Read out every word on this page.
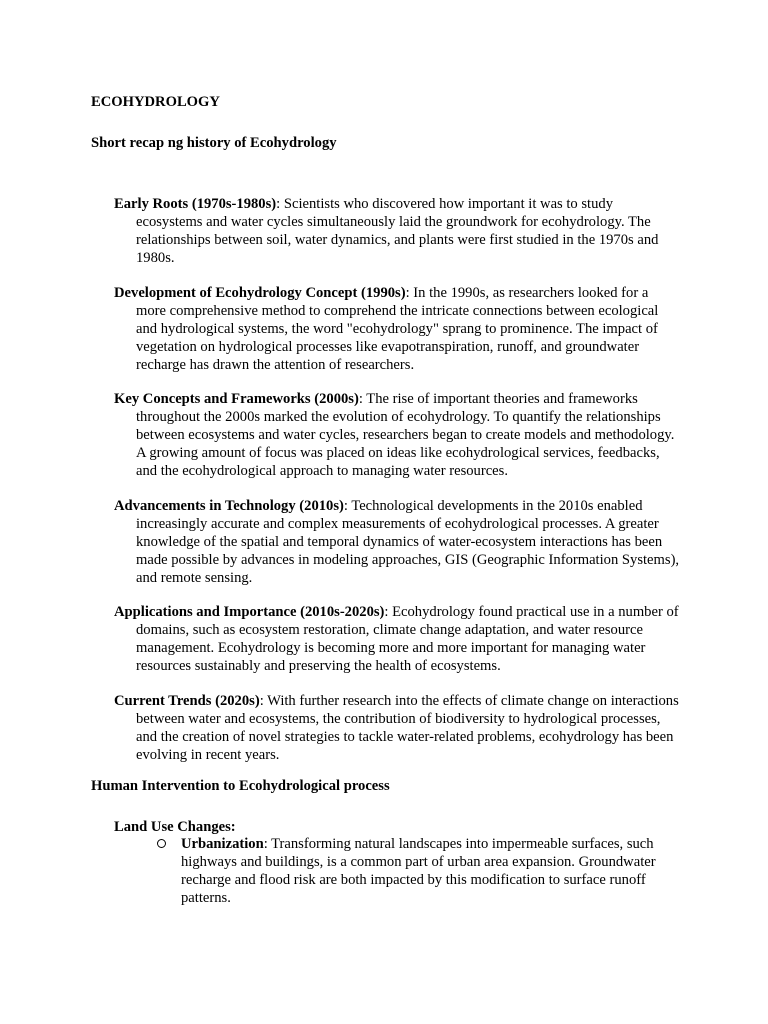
ECOHYDROLOGY

Short recap ng history of Ecohydrology

Early Roots (1970s-1980s): Scientists who discovered how important it was to study ecosystems and water cycles simultaneously laid the groundwork for ecohydrology. The relationships between soil, water dynamics, and plants were first studied in the 1970s and 1980s.
Development of Ecohydrology Concept (1990s): In the 1990s, as researchers looked for a more comprehensive method to comprehend the intricate connections between ecological and hydrological systems, the word "ecohydrology" sprang to prominence. The impact of vegetation on hydrological processes like evapotranspiration, runoff, and groundwater recharge has drawn the attention of researchers.
Key Concepts and Frameworks (2000s): The rise of important theories and frameworks throughout the 2000s marked the evolution of ecohydrology. To quantify the relationships between ecosystems and water cycles, researchers began to create models and methodology. A growing amount of focus was placed on ideas like ecohydrological services, feedbacks, and the ecohydrological approach to managing water resources.
Advancements in Technology (2010s): Technological developments in the 2010s enabled increasingly accurate and complex measurements of ecohydrological processes. A greater knowledge of the spatial and temporal dynamics of water-ecosystem interactions has been made possible by advances in modeling approaches, GIS (Geographic Information Systems), and remote sensing.
Applications and Importance (2010s-2020s): Ecohydrology found practical use in a number of domains, such as ecosystem restoration, climate change adaptation, and water resource management. Ecohydrology is becoming more and more important for managing water resources sustainably and preserving the health of ecosystems.
Current Trends (2020s): With further research into the effects of climate change on interactions between water and ecosystems, the contribution of biodiversity to hydrological processes, and the creation of novel strategies to tackle water-related problems, ecohydrology has been evolving in recent years.

Human Intervention to Ecohydrological process

Land Use Changes:

Urbanization: Transforming natural landscapes into impermeable surfaces, such highways and buildings, is a common part of urban area expansion. Groundwater recharge and flood risk are both impacted by this modification to surface runoff patterns.
